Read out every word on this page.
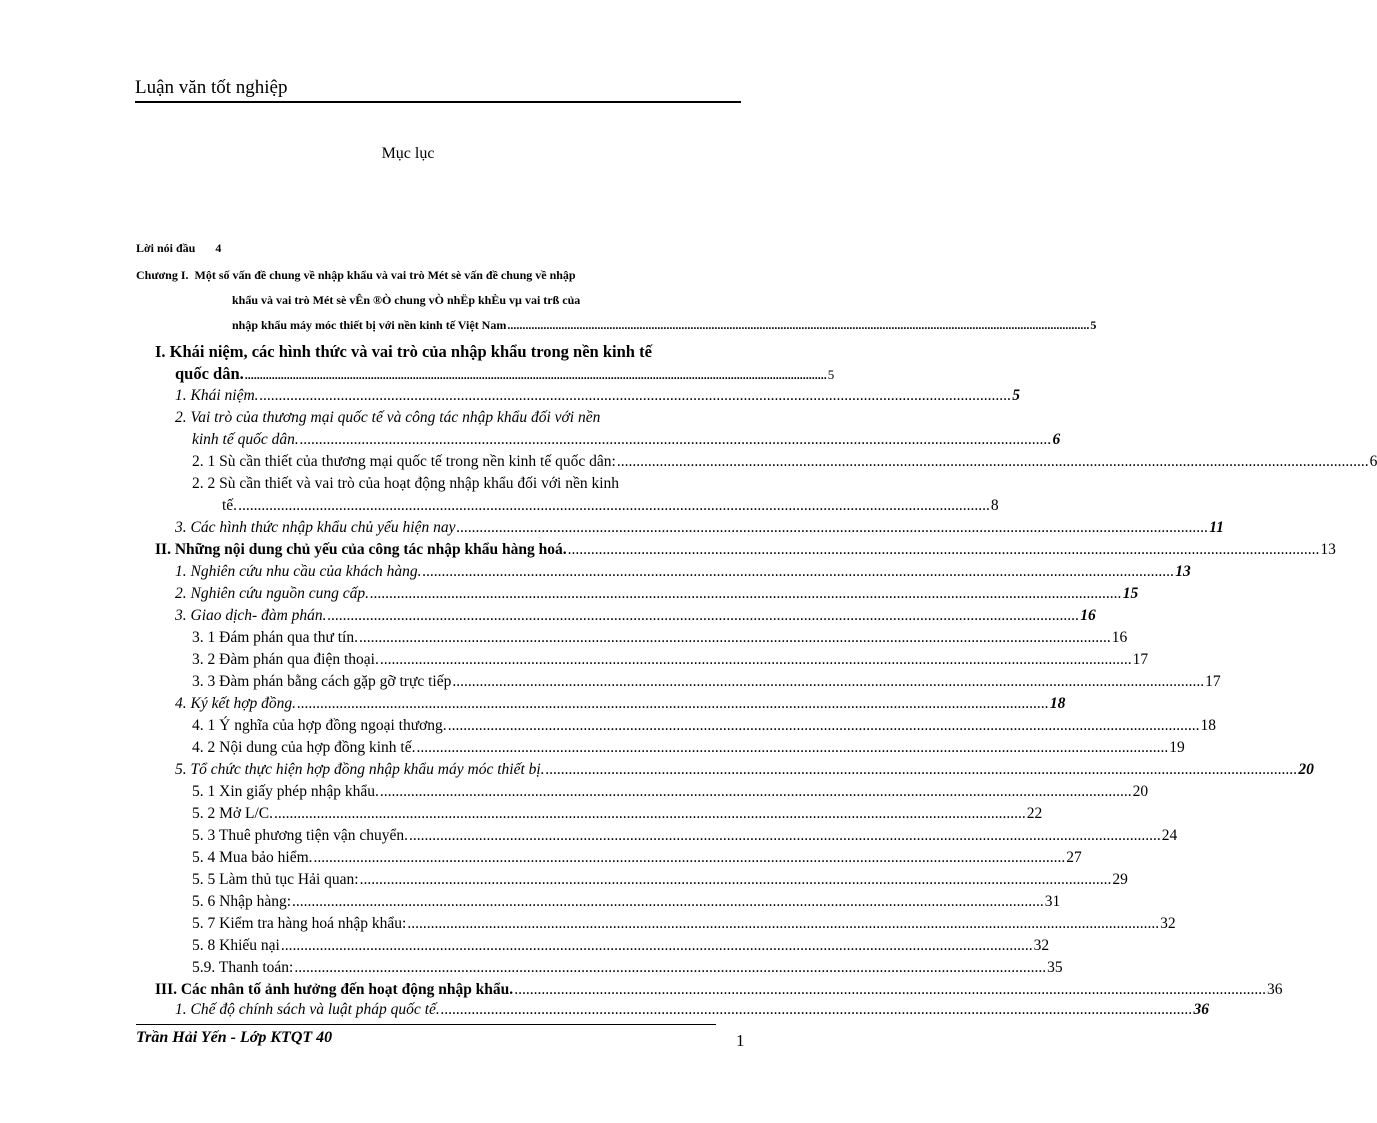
Luận văn tốt nghiệp
Mục lục
Lời nói đầu 4
Chương I. Một số vấn đề chung về nhập khẩu và vai trò Mét sè vấn đề chung về nhập
khẩu và vai trò Mét sè vÊn ®Ò chung vÒ nhËp khÈu vµ vai trß của
nhập khẩu máy móc thiết bị với nền kinh tế Việt Nam .................................................................................................................................................................................................. 5
I. Khái niệm, các hình thức và vai trò của nhập khẩu trong nền kinh tế
quốc dân. .................................................................................................................................................................................................. 5
1. Khái niệm. .................................................................................................................................................................................................. 5
2. Vai trò của thương mại quốc tế và công tác nhập khẩu đối với nền
kinh tế quốc dân. .................................................................................................................................................................................................. 6
2. 1 Sù cần thiết của thương mại quốc tế trong nền kinh tế quốc dân: .................................................................................................................................................................................................. 6
2. 2 Sù cần thiết và vai trò của hoạt động nhập khẩu đối với nền kinh
tế. .................................................................................................................................................................................................. 8
3. Các hình thức nhập khẩu chủ yếu hiện nay .................................................................................................................................................................................................. 11
II. Những nội dung chủ yếu của công tác nhập khẩu hàng hoá. .................................................................................................................................................................................................. 13
1. Nghiên cứu nhu cầu của khách hàng. .................................................................................................................................................................................................. 13
2. Nghiên cứu nguồn cung cấp. .................................................................................................................................................................................................. 15
3. Giao dịch- đàm phán. .................................................................................................................................................................................................. 16
3. 1 Đám phán qua thư tín. .................................................................................................................................................................................................. 16
3. 2 Đàm phán qua điện thoại. .................................................................................................................................................................................................. 17
3. 3 Đàm phán bằng cách gặp gỡ trực tiếp .................................................................................................................................................................................................. 17
4. Ký kết hợp đồng. .................................................................................................................................................................................................. 18
4. 1 Ý nghĩa của hợp đồng ngoại thương. .................................................................................................................................................................................................. 18
4. 2 Nội dung của hợp đồng kinh tế. .................................................................................................................................................................................................. 19
5. Tổ chức thực hiện hợp đồng nhập khẩu máy móc thiết bị. .................................................................................................................................................................................................. 20
5. 1 Xin giấy phép nhập khẩu. .................................................................................................................................................................................................. 20
5. 2 Mở L/C. .................................................................................................................................................................................................. 22
5. 3 Thuê phương tiện vận chuyển. .................................................................................................................................................................................................. 24
5. 4 Mua bảo hiểm. .................................................................................................................................................................................................. 27
5. 5 Làm thủ tục Hải quan: .................................................................................................................................................................................................. 29
5. 6 Nhập hàng: .................................................................................................................................................................................................. 31
5. 7 Kiểm tra hàng hoá nhập khẩu: .................................................................................................................................................................................................. 32
5. 8 Khiếu nại .................................................................................................................................................................................................. 32
5.9. Thanh toán: .................................................................................................................................................................................................. 35
III. Các nhân tố ảnh hưởng đến hoạt động nhập khẩu. .................................................................................................................................................................................................. 36
1. Chế độ chính sách và luật pháp quốc tế. .................................................................................................................................................................................................. 36
Trần Hải Yến - Lớp KTQT 40	1
